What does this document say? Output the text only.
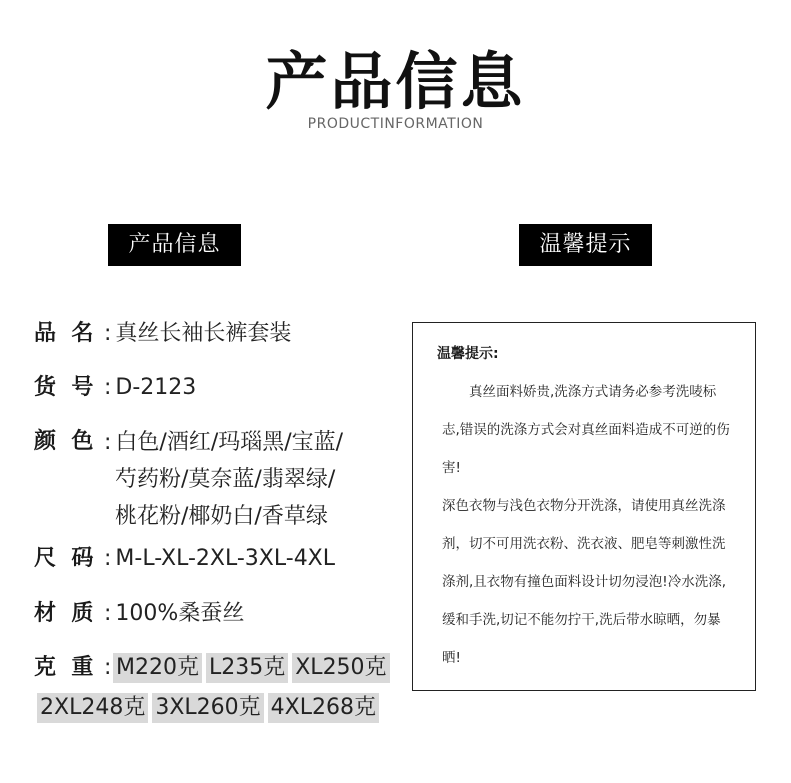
产品信息
PRODUCTINFORMATION
产品信息	温馨提示
品  名 : 真丝长袖长裤套装
货  号 : D-2123
颜  色 : 白色/酒红/玛瑙黑/宝蓝/
芍药粉/莫奈蓝/翡翠绿/
桃花粉/椰奶白/香草绿
尺  码 : M-L-XL-2XL-3XL-4XL
材  质 : 100%桑蚕丝
克  重 : M220克 L235克 XL250克
2XL248克 3XL260克 4XL268克
温馨提示:

真丝面料娇贵,洗涤方式请务必参考洗唛标志,错误的洗涤方式会对真丝面料造成不可逆的伤害!

深色衣物与浅色衣物分开洗涤，请使用真丝洗涤剂，切不可用洗衣粉、洗衣液、肥皂等刺激性洗涤剂,且衣物有撞色面料设计切勿浸泡!冷水洗涤,缓和手洗,切记不能勿拧干,洗后带水晾晒，勿暴晒!
